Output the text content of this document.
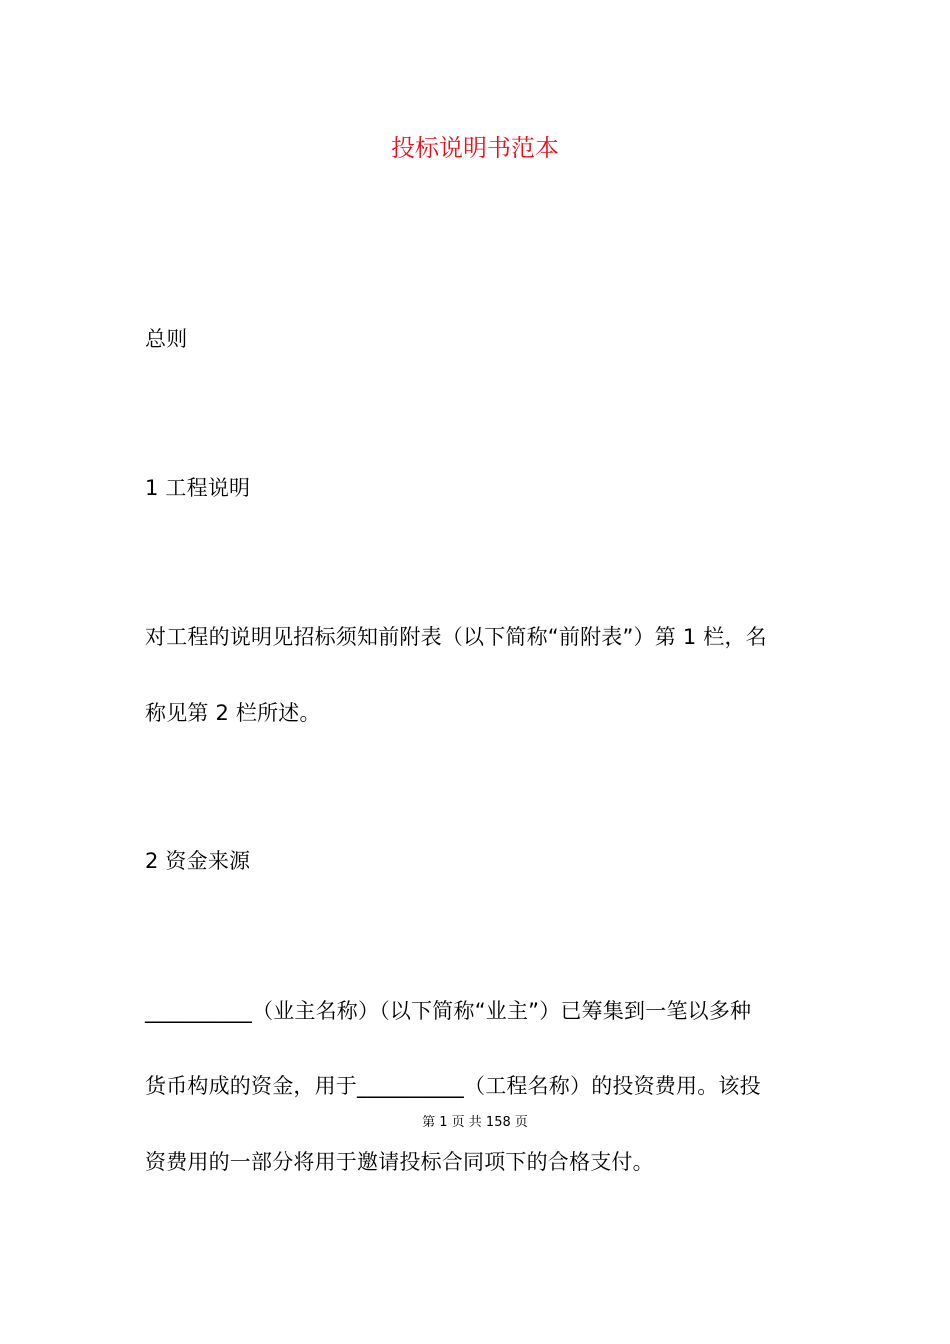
投标说明书范本
总则
1 工程说明
对工程的说明见招标须知前附表（以下简称“前附表”）第 1 栏，名
称见第 2 栏所述。
2 资金来源
__________（业主名称）（以下简称“业主”）已筹集到一笔以多种
货币构成的资金，用于__________（工程名称）的投资费用。该投
第 1 页 共 158 页
资费用的一部分将用于邀请投标合同项下的合格支付。
